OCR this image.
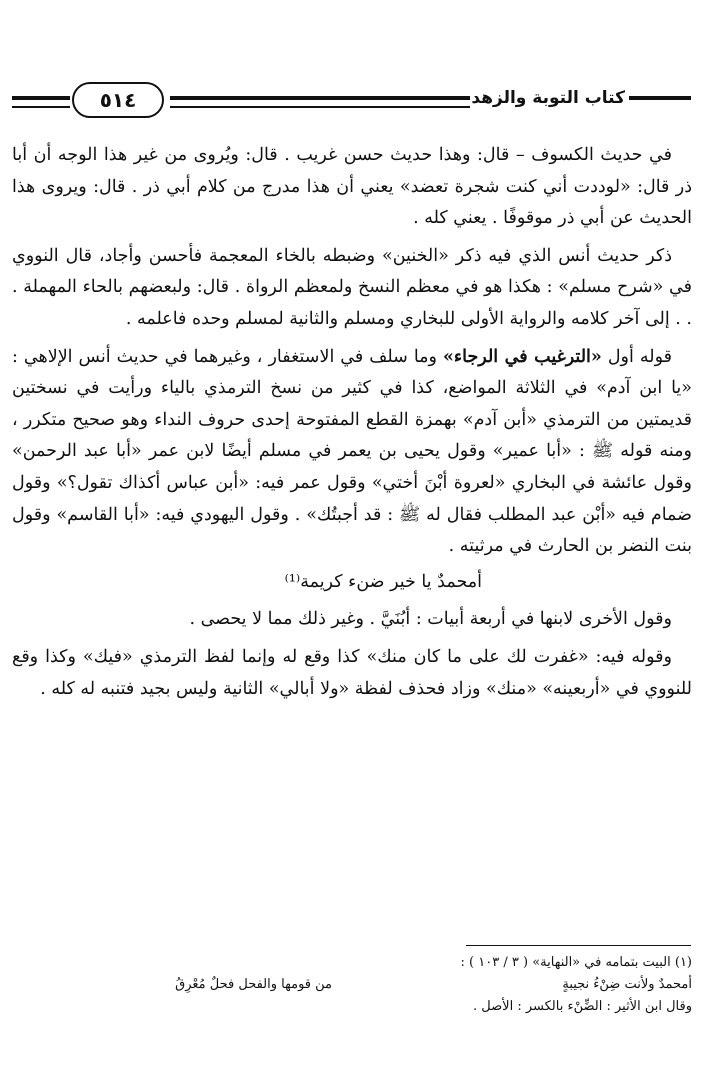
كتاب التوبة والزهد
٥١٤

في حديث الكسوف – قال: وهذا حديث حسن غريب . قال: ويُروى من غير هذا الوجه أن أبا ذر قال: «لوددت أني كنت شجرة تعضد» يعني أن هذا مدرج من كلام أبي ذر . قال: ويروى هذا الحديث عن أبي ذر موقوفًا . يعني كله .

ذكر حديث أنس الذي فيه ذكر «الخنين» وضبطه بالخاء المعجمة فأحسن وأجاد، قال النووي في «شرح مسلم» : هكذا هو في معظم النسخ ولمعظم الرواة . قال: ولبعضهم بالحاء المهملة . . . إلى آخر كلامه والرواية الأولى للبخاري ومسلم والثانية لمسلم وحده فاعلمه .

قوله أول «الترغيب في الرجاء» وما سلف في الاستغفار ، وغيرهما في حديث أنس الإلاهي : «يا ابن آدم» في الثلاثة المواضع، كذا في كثير من نسخ الترمذي بالياء ورأيت في نسختين قديمتين من الترمذي «أبن آدم» بهمزة القطع المفتوحة إحدى حروف النداء وهو صحيح متكرر ، ومنه قوله ﷺ : «أبا عمير» وقول يحيى بن يعمر في مسلم أيضًا لابن عمر «أبا عبد الرحمن» وقول عائشة في البخاري «لعروة أبْنَ أختي» وقول عمر فيه: «أبن عباس أكذاك تقول؟» وقول ضمام فيه «أبْن عبد المطلب فقال له ﷺ : قد أجبتُك» . وقول اليهودي فيه: «أبا القاسم» وقول بنت النضر بن الحارث في مرثيته .

أمحمدٌ يا خير ضنء كريمة⁽¹⁾

وقول الأخرى لابنها في أربعة أبيات : أبُنَيَّ . وغير ذلك مما لا يحصى .

وقوله فيه: «غفرت لك على ما كان منك» كذا وقع له وإنما لفظ الترمذي «فيك» وكذا وقع للنووي في «أربعينه» «منك» وزاد فحذف لفظة «ولا أبالي» الثانية وليس بجيد فتنبه له كله .

(١) البيت بتمامه في «النهاية» ( ٣ / ١٠٣ ) :
أمحمدٌ ولأنت ضِنْءُ نجيبةٍ
من قومها والفحل فحلٌ مُعْرِقُ
وقال ابن الأثير : الضِّنْء بالكسر : الأصل .
